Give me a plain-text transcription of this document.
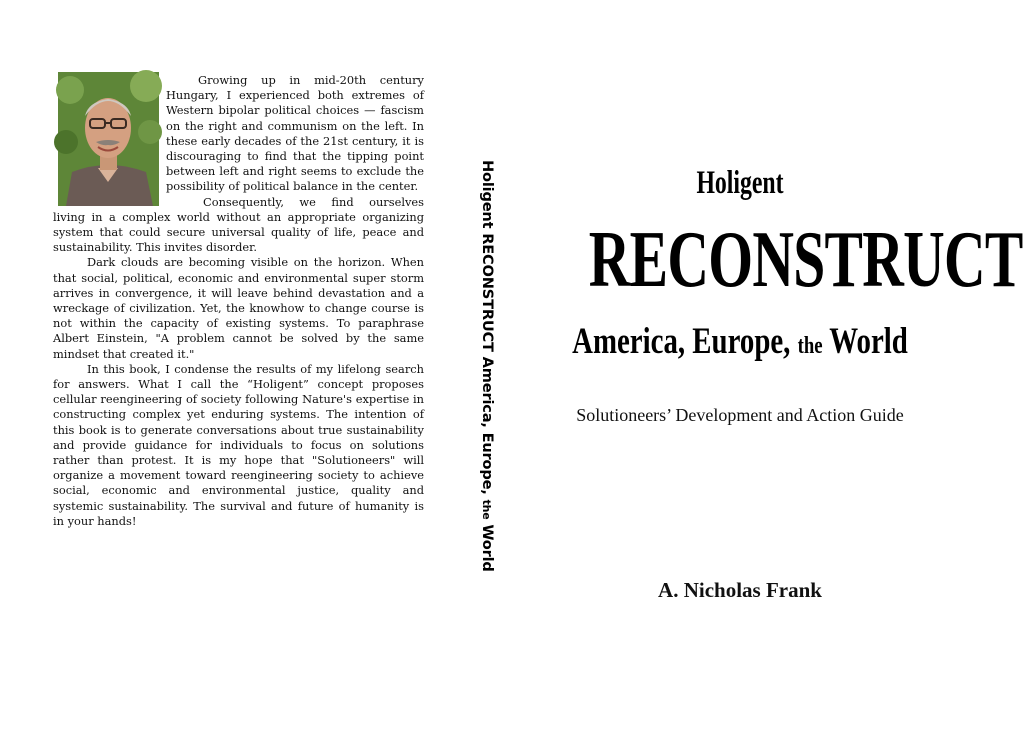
Growing up in mid-20th century Hungary, I experienced both extremes of Western bipolar political choices — fascism on the right and communism on the left. In these early decades of the 21st century, it is discouraging to find that the tipping point between left and right seems to exclude the possibility of political balance in the center.

Consequently, we find ourselves living in a complex world without an appropriate organizing system that could secure universal quality of life, peace and sustainability. This invites disorder.

Dark clouds are becoming visible on the horizon. When that social, political, economic and environmental super storm arrives in convergence, it will leave behind devastation and a wreckage of civilization. Yet, the knowhow to change course is not within the capacity of existing systems. To paraphrase Albert Einstein, "A problem cannot be solved by the same mindset that created it."

In this book, I condense the results of my lifelong search for answers. What I call the “Holigent” concept proposes cellular reengineering of society following Nature's expertise in constructing complex yet enduring systems. The intention of this book is to generate conversations about true sustainability and provide guidance for individuals to focus on solutions rather than protest. It is my hope that "Solutioneers" will organize a movement toward reengineering society to achieve social, economic and environmental justice, quality and systemic sustainability. The survival and future of humanity is in your hands!

Holigent RECONSTRUCT America, Europe, the World
Holigent
RECONSTRUCT
America, Europe, the World
Solutioneers’ Development and Action Guide
A. Nicholas Frank
